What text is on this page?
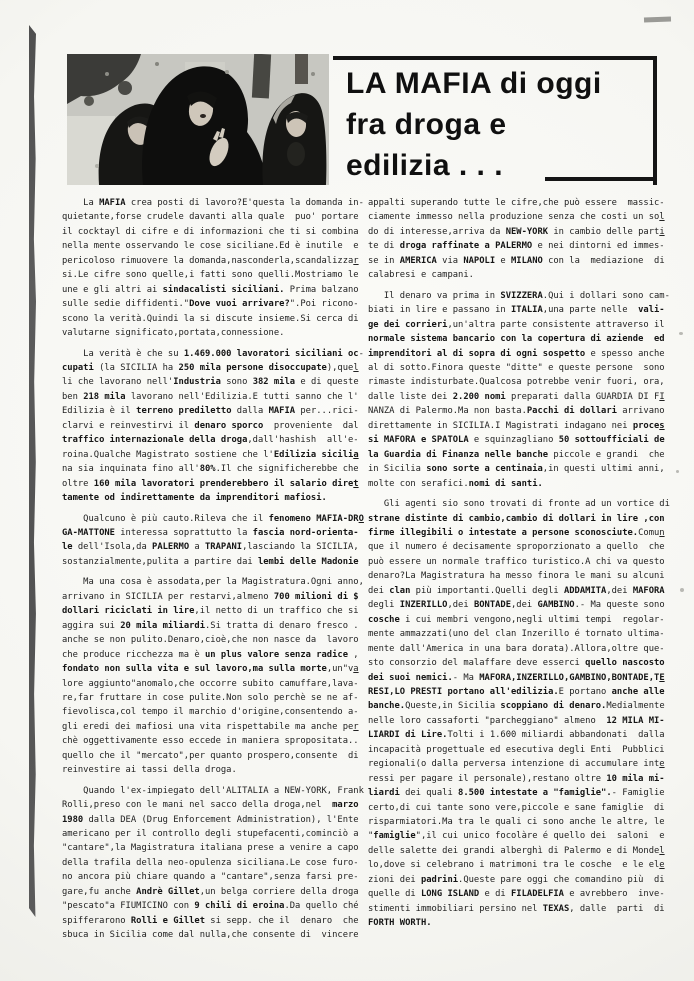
LA MAFIA di oggi
fra droga e
edilizia . . .
La MAFIA crea posti di lavoro?E'questa la domanda in-
quietante,forse crudele davanti alla quale  puo' portare
il cocktayl di cifre e di informazioni che ti si combina
nella mente osservando le cose siciliane.Ed è inutile  e
pericoloso rimuovere la domanda,nasconderla,scandalizzar
si.Le cifre sono quelle,i fatti sono quelli.Mostriamo le
une e gli altri ai sindacalisti siciliani. Prima balzano
sulle sedie diffidenti."Dove vuoi arrivare?".Poi ricono-
scono la verità.Quindi la si discute insieme.Si cerca di
valutarne significato,portata,connessione.
La verità è che su 1.469.000 lavoratori siciliani oc-
cupati (la SICILIA ha 250 mila persone disoccupate),quel
li che lavorano nell'Industria sono 382 mila e di queste
ben 218 mila lavorano nell'Edilizia.E tutti sanno che l'
Edilizia è il terreno prediletto dalla MAFIA per...rici-
clarvi e reinvestirvi il denaro sporco  proveniente  dal
traffico internazionale della droga,dall'hashish  all'e-
roina.Qualche Magistrato sostiene che l'Edilizia sicilia
na sia inquinata fino all'80%.Il che significherebbe che
oltre 160 mila lavoratori prenderebbero il salario diret
tamente od indirettamente da imprenditori mafiosi.
Qualcuno è più cauto.Rileva che il fenomeno MAFIA-DRO
GA-MATTONE interessa soprattutto la fascia nord-orienta-
le dell'Isola,da PALERMO a TRAPANI,lasciando la SICILIA,
sostanzialmente,pulita a partire dai lembi delle Madonie
Ma una cosa è assodata,per la Magistratura.Ogni anno,
arrivano in SICILIA per restarvi,almeno 700 milioni di $
dollari riciclati in lire,il netto di un traffico che si
aggira sui 20 mila miliardi.Si tratta di denaro fresco .
anche se non pulito.Denaro,cioè,che non nasce da  lavoro
che produce ricchezza ma è un plus valore senza radice ,
fondato non sulla vita e sul lavoro,ma sulla morte,un"va
lore aggiunto"anomalo,che occorre subito camuffare,lava-
re,far fruttare in cose pulite.Non solo perchè se ne af-
fievolisca,col tempo il marchio d'origine,consentendo a-
gli eredi dei mafiosi una vita rispettabile ma anche per
chè oggettivamente esso eccede in maniera spropositata..
quello che il "mercato",per quanto prospero,consente  di
reinvestire ai tassi della droga.
Quando l'ex-impiegato dell'ALITALIA a NEW-YORK, Frank
Rolli,preso con le mani nel sacco della droga,nel  marzo
1980 dalla DEA (Drug Enforcement Administration), l'Ente
americano per il controllo degli stupefacenti,cominciò a
"cantare",la Magistratura italiana prese a venire a capo
della trafila della neo-opulenza siciliana.Le cose furo-
no ancora più chiare quando a "cantare",senza farsi pre-
gare,fu anche Andrè Gillet,un belga corriere della droga
"pescato"a FIUMICINO con 9 chili di eroina.Da quello ché
spifferarono Rolli e Gillet si sepp. che il  denaro  che
sbuca in Sicilia come dal nulla,che consente di  vincere
appalti superando tutte le cifre,che può essere  massic-
ciamente immesso nella produzione senza che costi un sol
do di interesse,arriva da NEW-YORK in cambio delle parti
te di droga raffinate a PALERMO e nei dintorni ed immes-
se in AMERICA via NAPOLI e MILANO con la  mediazione  di
calabresi e campani.
Il denaro va prima in SVIZZERA.Qui i dollari sono cam-
biati in lire e passano in ITALIA,una parte nelle  vali-
ge dei corrieri,un'altra parte consistente attraverso il
normale sistema bancario con la copertura di aziende  ed
imprenditori al di sopra di ogni sospetto e spesso anche
al di sotto.Finora queste "ditte" e queste persone  sono
rimaste indisturbate.Qualcosa potrebbe venir fuori, ora,
dalle liste dei 2.200 nomi preparati dalla GUARDIA DI FI
NANZA di Palermo.Ma non basta.Pacchi di dollari arrivano
direttamente in SICILIA.I Magistrati indagano nei proces
si MAFORA e SPATOLA e squinzagliano 50 sottoufficiali de
la Guardia di Finanza nelle banche piccole e grandi  che
in Sicilia sono sorte a centinaia,in questi ultimi anni,
molte con serafici.nomi di santi.
Gli agenti sio sono trovati di fronte ad un vortice di
strane distinte di cambio,cambio di dollari in lire ,con
firme illegibili o intestate a persone sconosciute.Comun
que il numero é decisamente sproporzionato a quello  che
può essere un normale traffico turistico.A chi va questo
denaro?La Magistratura ha messo finora le mani su alcuni
dei clan più importanti.Quelli degli ADDAMITA,dei MAFORA
degli INZERILLO,dei BONTADE,dei GAMBINO.- Ma queste sono
cosche i cui membri vengono,negli ultimi tempi  regolar-
mente ammazzati(uno del clan Inzerillo é tornato ultima-
mente dall'America in una bara dorata).Allora,oltre que-
sto consorzio del malaffare deve esserci quello nascosto
dei suoi nemici.- Ma MAFORA,INZERILLO,GAMBINO,BONTADE,TE
RESI,LO PRESTI portano all'edilizia.E portano anche alle
banche.Queste,in Sicilia scoppiano di denaro.Medialmente
nelle loro cassaforti "parcheggiano" almeno  12 MILA MI-
LIARDI di Lire.Tolti i 1.600 miliardi abbandonati  dalla
incapacità progettuale ed esecutiva degli Enti  Pubblici
regionali(o dalla perversa intenzione di accumulare inte
ressi per pagare il personale),restano oltre 10 mila mi-
liardi dei quali 8.500 intestate a "famiglie".- Famiglie
certo,di cui tante sono vere,piccole e sane famiglie  di
risparmiatori.Ma tra le quali ci sono anche le altre, le
"famiglie",il cui unico focolàre é quello dei  saloni  e
delle salette dei grandi alberghì di Palermo e di Mondel
lo,dove si celebrano i matrimoni tra le cosche  e le ele
zioni dei padrini.Queste pare oggi che comandino più  di
quelle di LONG ISLAND e di FILADELFIA e avrebbero  inve-
stimenti immobiliari persino nel TEXAS, dalle  parti  di
FORTH WORTH.
